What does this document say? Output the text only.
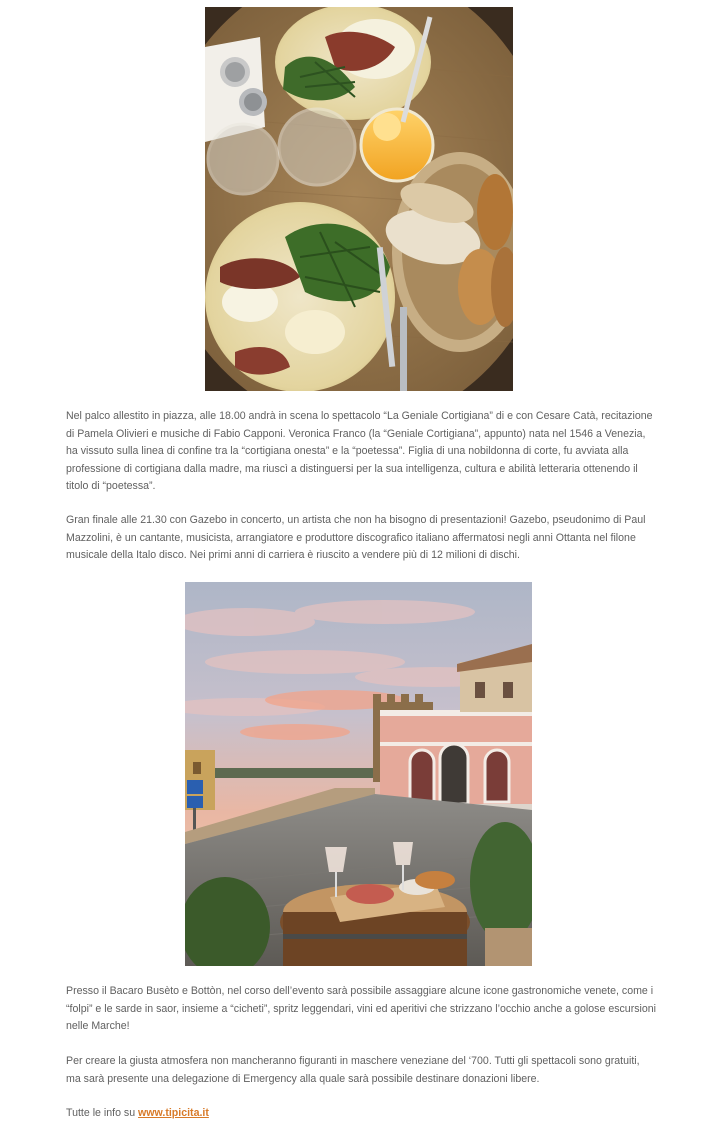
Nel palco allestito in piazza, alle 18.00 andrà in scena lo spettacolo “La Geniale Cortigiana” di e con Cesare Catà, recitazione di Pamela Olivieri e musiche di Fabio Capponi. Veronica Franco (la “Geniale Cortigiana”, appunto) nata nel 1546 a Venezia, ha vissuto sulla linea di confine tra la “cortigiana onesta” e la “poetessa”. Figlia di una nobildonna di corte, fu avviata alla professione di cortigiana dalla madre, ma riuscì a distinguersi per la sua intelligenza, cultura e abilità letteraria ottenendo il titolo di “poetessa”.

Gran finale alle 21.30 con Gazebo in concerto, un artista che non ha bisogno di presentazioni! Gazebo, pseudonimo di Paul Mazzolini, è un cantante, musicista, arrangiatore e produttore discografico italiano affermatosi negli anni Ottanta nel filone musicale della Italo disco. Nei primi anni di carriera è riuscito a vendere più di 12 milioni di dischi.

Presso il Bacaro Busèto e Bottòn, nel corso dell’evento sarà possibile assaggiare alcune icone gastronomiche venete, come i “folpi” e le sarde in saor, insieme a “cicheti”, spritz leggendari, vini ed aperitivi che strizzano l’occhio anche a golose escursioni nelle Marche!

Per creare la giusta atmosfera non mancheranno figuranti in maschere veneziane del ‘700. Tutti gli spettacoli sono gratuiti, ma sarà presente una delegazione di Emergency alla quale sarà possibile destinare donazioni libere.

Tutte le info su www.tipicita.it
